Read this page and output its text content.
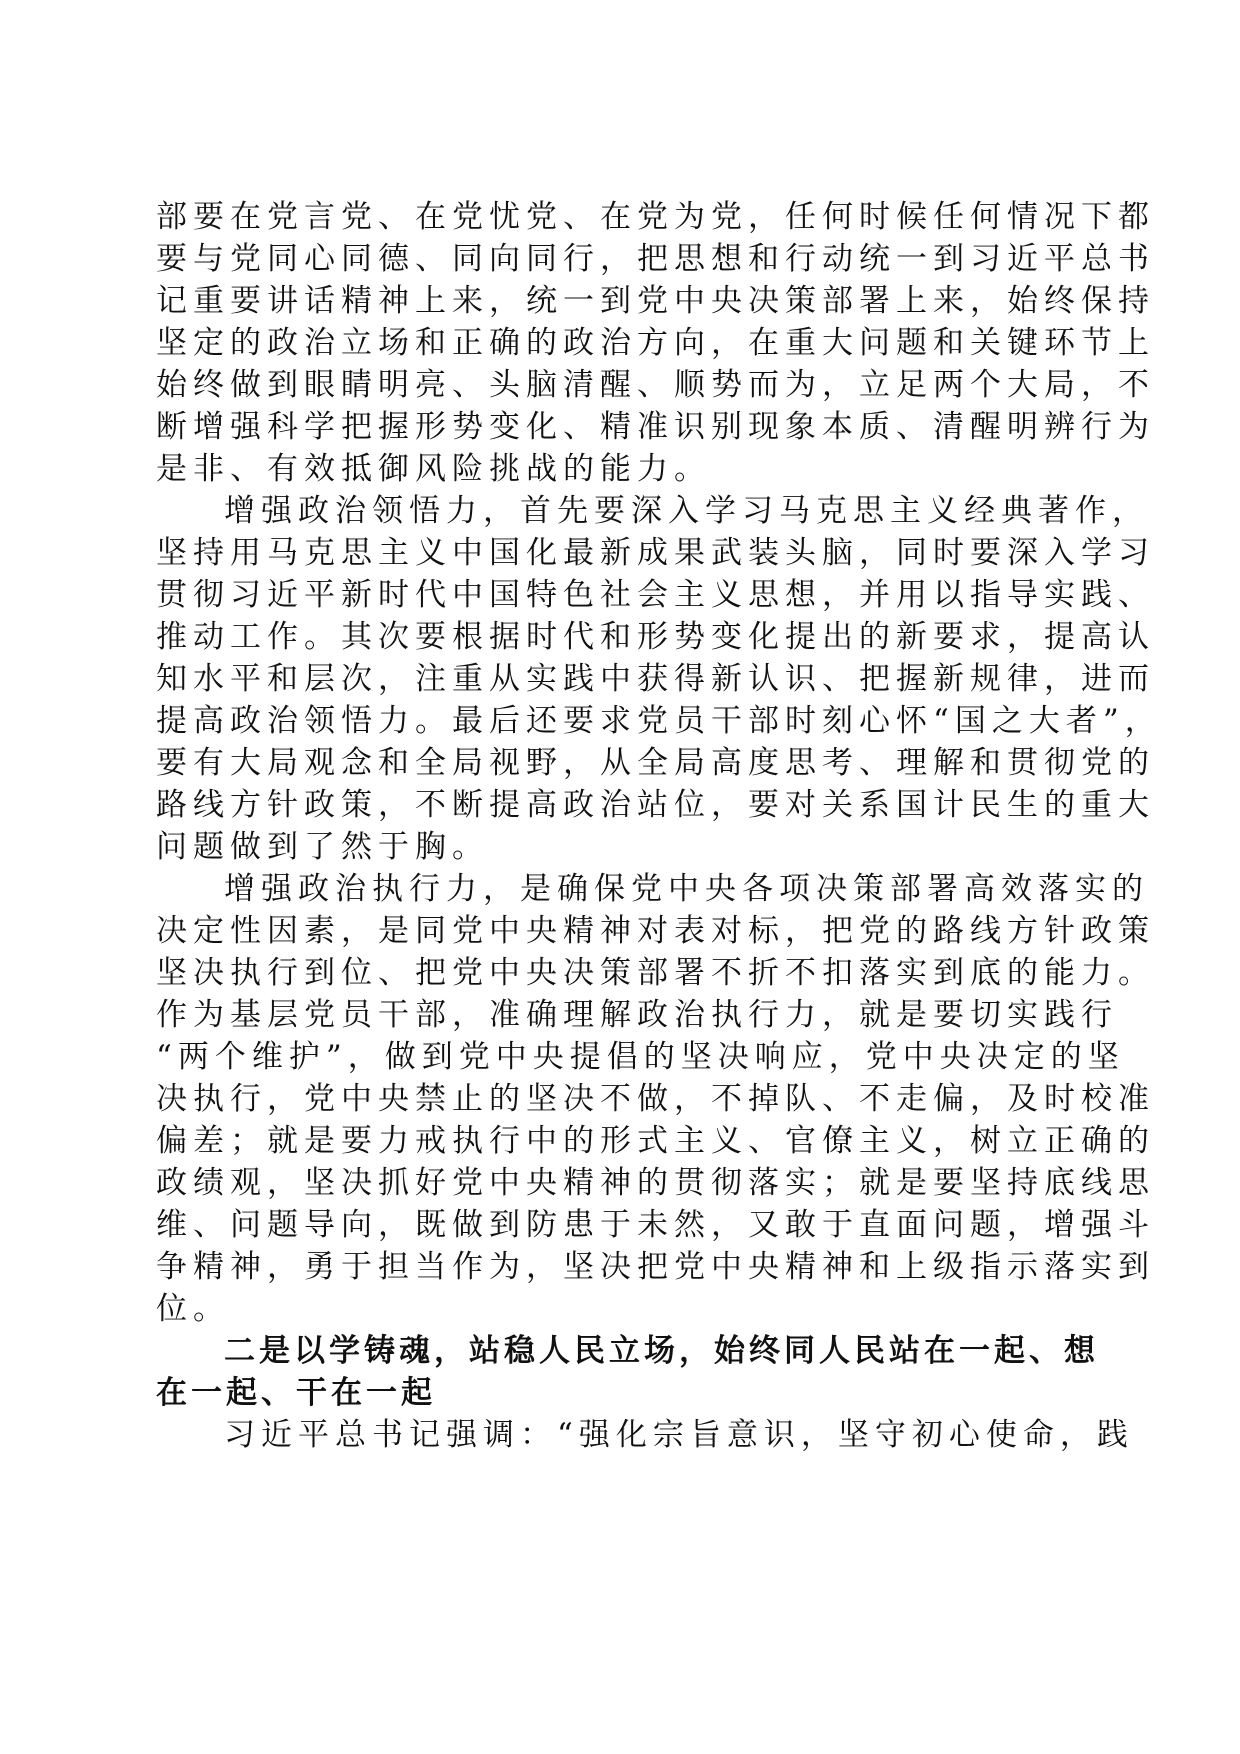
部要在党言党、在党忧党、在党为党，任何时候任何情况下都
要与党同心同德、同向同行，把思想和行动统一到习近平总书
记重要讲话精神上来，统一到党中央决策部署上来，始终保持
坚定的政治立场和正确的政治方向，在重大问题和关键环节上
始终做到眼睛明亮、头脑清醒、顺势而为，立足两个大局，不
断增强科学把握形势变化、精准识别现象本质、清醒明辨行为
是非、有效抵御风险挑战的能力。
增强政治领悟力，首先要深入学习马克思主义经典著作，
坚持用马克思主义中国化最新成果武装头脑，同时要深入学习
贯彻习近平新时代中国特色社会主义思想，并用以指导实践、
推动工作。其次要根据时代和形势变化提出的新要求，提高认
知水平和层次，注重从实践中获得新认识、把握新规律，进而
提高政治领悟力。最后还要求党员干部时刻心怀“国之大者”，
要有大局观念和全局视野，从全局高度思考、理解和贯彻党的
路线方针政策，不断提高政治站位，要对关系国计民生的重大
问题做到了然于胸。
增强政治执行力，是确保党中央各项决策部署高效落实的
决定性因素，是同党中央精神对表对标，把党的路线方针政策
坚决执行到位、把党中央决策部署不折不扣落实到底的能力。
作为基层党员干部，准确理解政治执行力，就是要切实践行
“两个维护”，做到党中央提倡的坚决响应，党中央决定的坚
决执行，党中央禁止的坚决不做，不掉队、不走偏，及时校准
偏差；就是要力戒执行中的形式主义、官僚主义，树立正确的
政绩观，坚决抓好党中央精神的贯彻落实；就是要坚持底线思
维、问题导向，既做到防患于未然，又敢于直面问题，增强斗
争精神，勇于担当作为，坚决把党中央精神和上级指示落实到
位。
二是以学铸魂，站稳人民立场，始终同人民站在一起、想
在一起、干在一起
习近平总书记强调：“强化宗旨意识，坚守初心使命，践
